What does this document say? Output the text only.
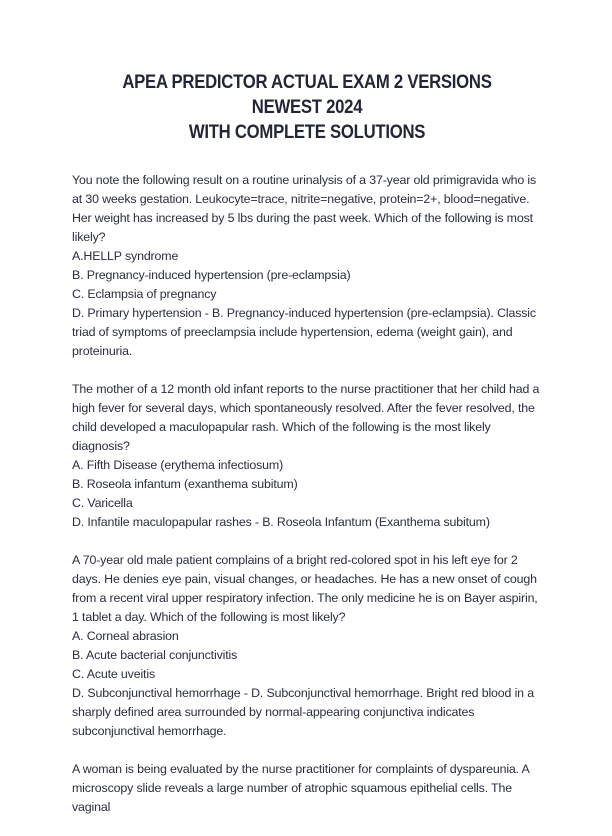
APEA PREDICTOR ACTUAL EXAM 2 VERSIONS NEWEST 2024
WITH COMPLETE SOLUTIONS

You note the following result on a routine urinalysis of a 37-year old primigravida who is at 30 weeks gestation. Leukocyte=trace, nitrite=negative, protein=2+, blood=negative. Her weight has increased by 5 lbs during the past week. Which of the following is most likely?

A.HELLP syndrome

B. Pregnancy-induced hypertension (pre-eclampsia)

C. Eclampsia of pregnancy

D. Primary hypertension - B. Pregnancy-induced hypertension (pre-eclampsia). Classic triad of symptoms of preeclampsia include hypertension, edema (weight gain), and proteinuria.

The mother of a 12 month old infant reports to the nurse practitioner that her child had a high fever for several days, which spontaneously resolved. After the fever resolved, the child developed a maculopapular rash. Which of the following is the most likely diagnosis?

A. Fifth Disease (erythema infectiosum)

B. Roseola infantum (exanthema subitum)

C. Varicella

D. Infantile maculopapular rashes - B. Roseola Infantum (Exanthema subitum)

A 70-year old male patient complains of a bright red-colored spot in his left eye for 2 days. He denies eye pain, visual changes, or headaches. He has a new onset of cough from a recent viral upper respiratory infection. The only medicine he is on Bayer aspirin, 1 tablet a day. Which of the following is most likely?

A. Corneal abrasion

B. Acute bacterial conjunctivitis

C. Acute uveitis

D. Subconjunctival hemorrhage - D. Subconjunctival hemorrhage. Bright red blood in a sharply defined area surrounded by normal-appearing conjunctiva indicates subconjunctival hemorrhage.

A woman is being evaluated by the nurse practitioner for complaints of dyspareunia. A microscopy slide reveals a large number of atrophic squamous epithelial cells. The vaginal
